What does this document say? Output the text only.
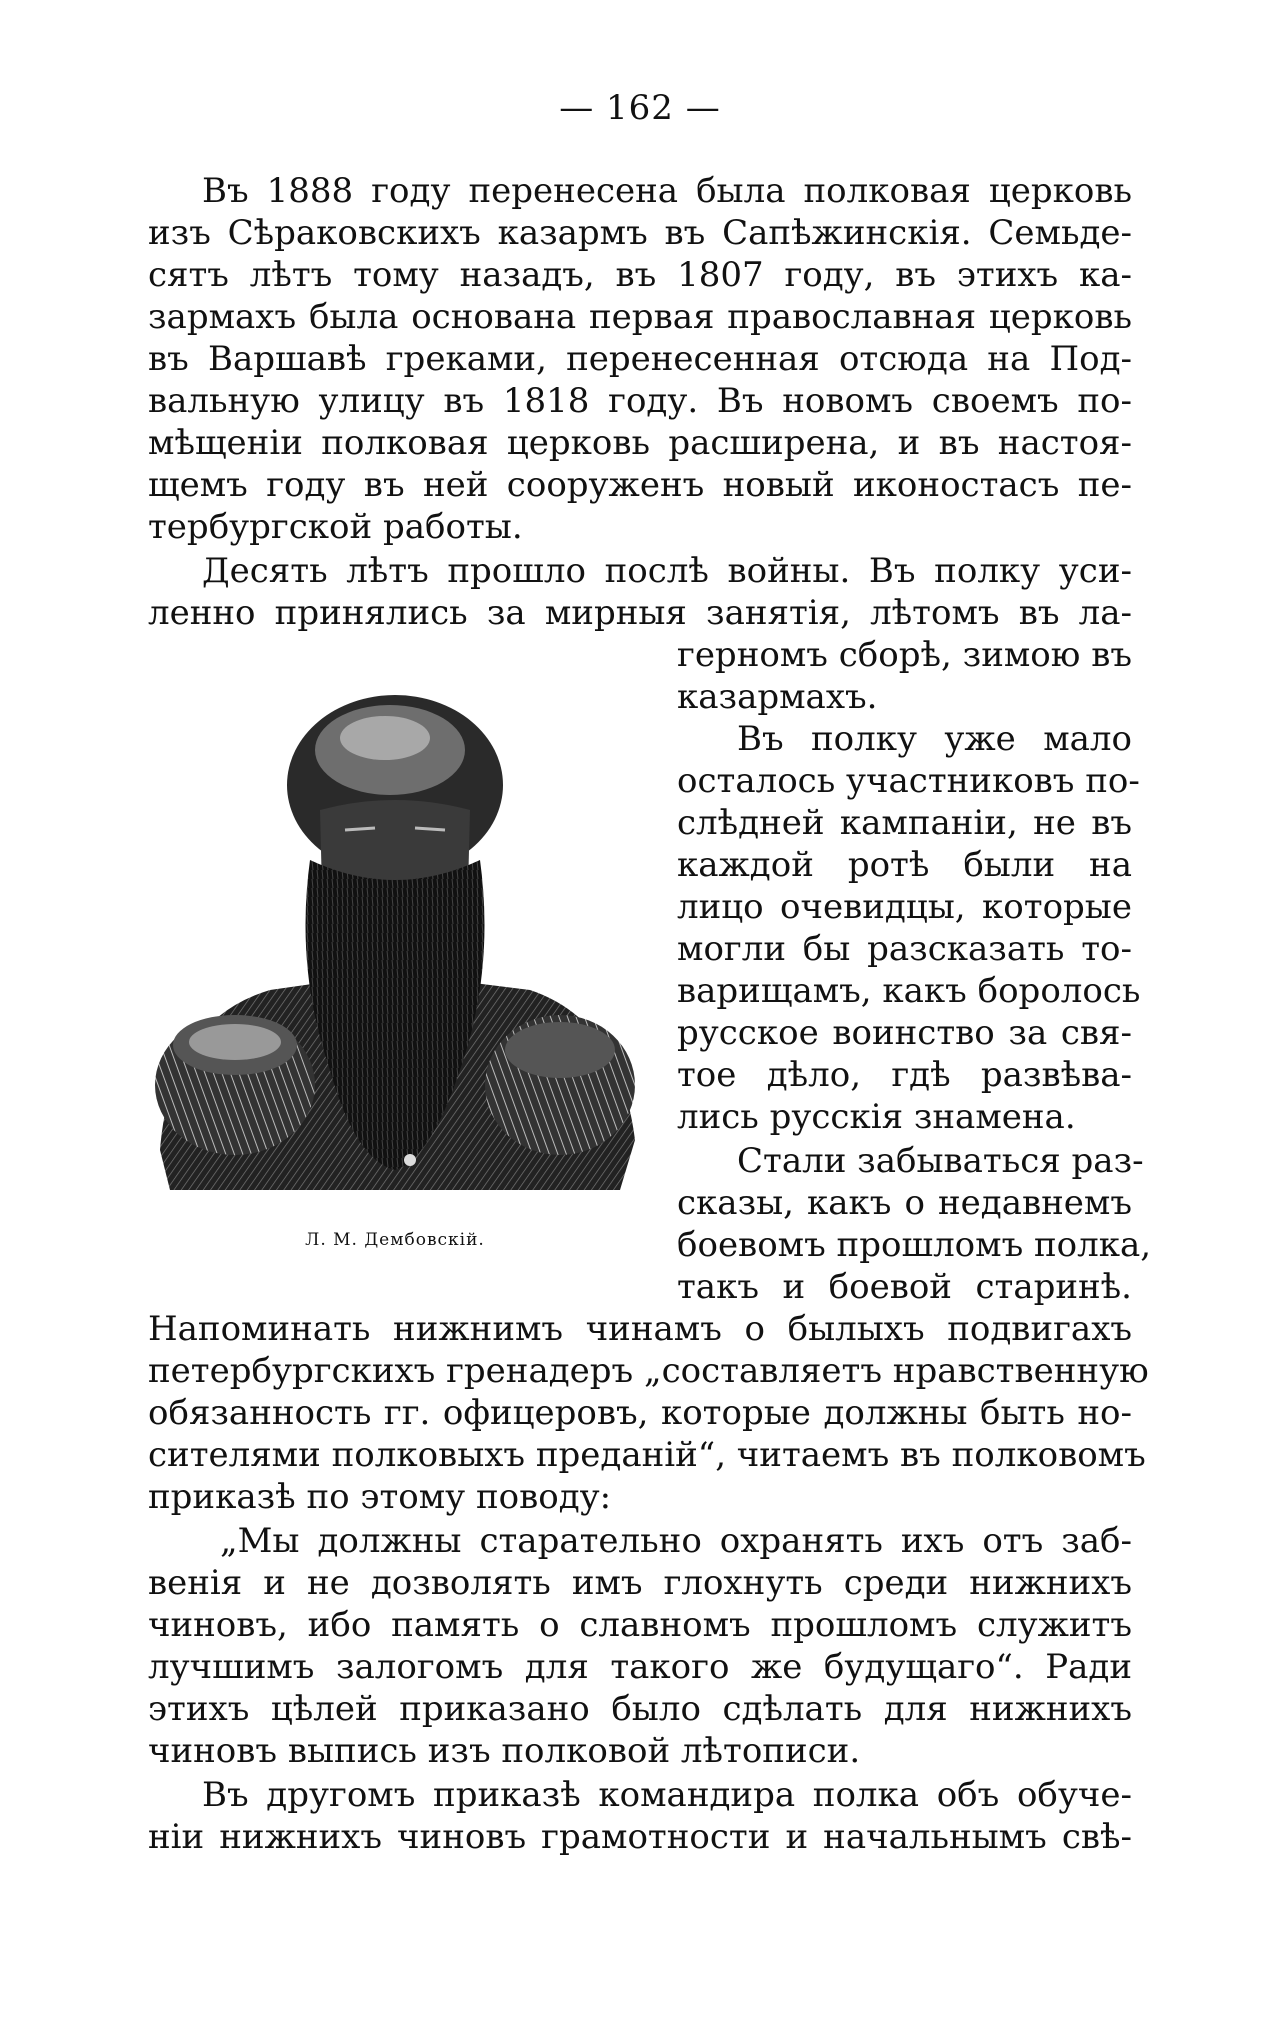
— 162 —
Въ 1888 году перенесена была полковая церковь
изъ Сѣраковскихъ казармъ въ Сапѣжинскія. Семьде-
сятъ лѣтъ тому назадъ, въ 1807 году, въ этихъ ка-
зармахъ была основана первая православная церковь
въ Варшавѣ греками, перенесенная отсюда на Под-
вальную улицу въ 1818 году. Въ новомъ своемъ по-
мѣщеніи полковая церковь расширена, и въ настоя-
щемъ году въ ней сооруженъ новый иконостасъ пе-
тербургской работы.
Десять лѣтъ прошло послѣ войны. Въ полку уси-
ленно принялись за мирныя занятія, лѣтомъ въ ла-
герномъ сборѣ, зимою въ
казармахъ.
Въ полку уже мало
осталось участниковъ по-
слѣдней кампаніи, не въ
каждой ротѣ были на
лицо очевидцы, которые
могли бы разсказать то-
варищамъ, какъ боролось
русское воинство за свя-
тое дѣло, гдѣ развѣва-
лись русскія знамена.
Стали забываться раз-
сказы, какъ о недавнемъ
боевомъ прошломъ полка,
такъ и боевой старинѣ.
Напоминать нижнимъ чинамъ о былыхъ подвигахъ
петербургскихъ гренадеръ „составляетъ нравственную
обязанность гг. офицеровъ, которые должны быть но-
сителями полковыхъ преданій“, читаемъ въ полковомъ
приказѣ по этому поводу:
„Мы должны старательно охранять ихъ отъ заб-
венія и не дозволять имъ глохнуть среди нижнихъ
чиновъ, ибо память о славномъ прошломъ служитъ
лучшимъ залогомъ для такого же будущаго“. Ради
этихъ цѣлей приказано было сдѣлать для нижнихъ
чиновъ выпись изъ полковой лѣтописи.
Въ другомъ приказѣ командира полка объ обуче-
ніи нижнихъ чиновъ грамотности и начальнымъ свѣ-
Л. М. Дембовскій.
